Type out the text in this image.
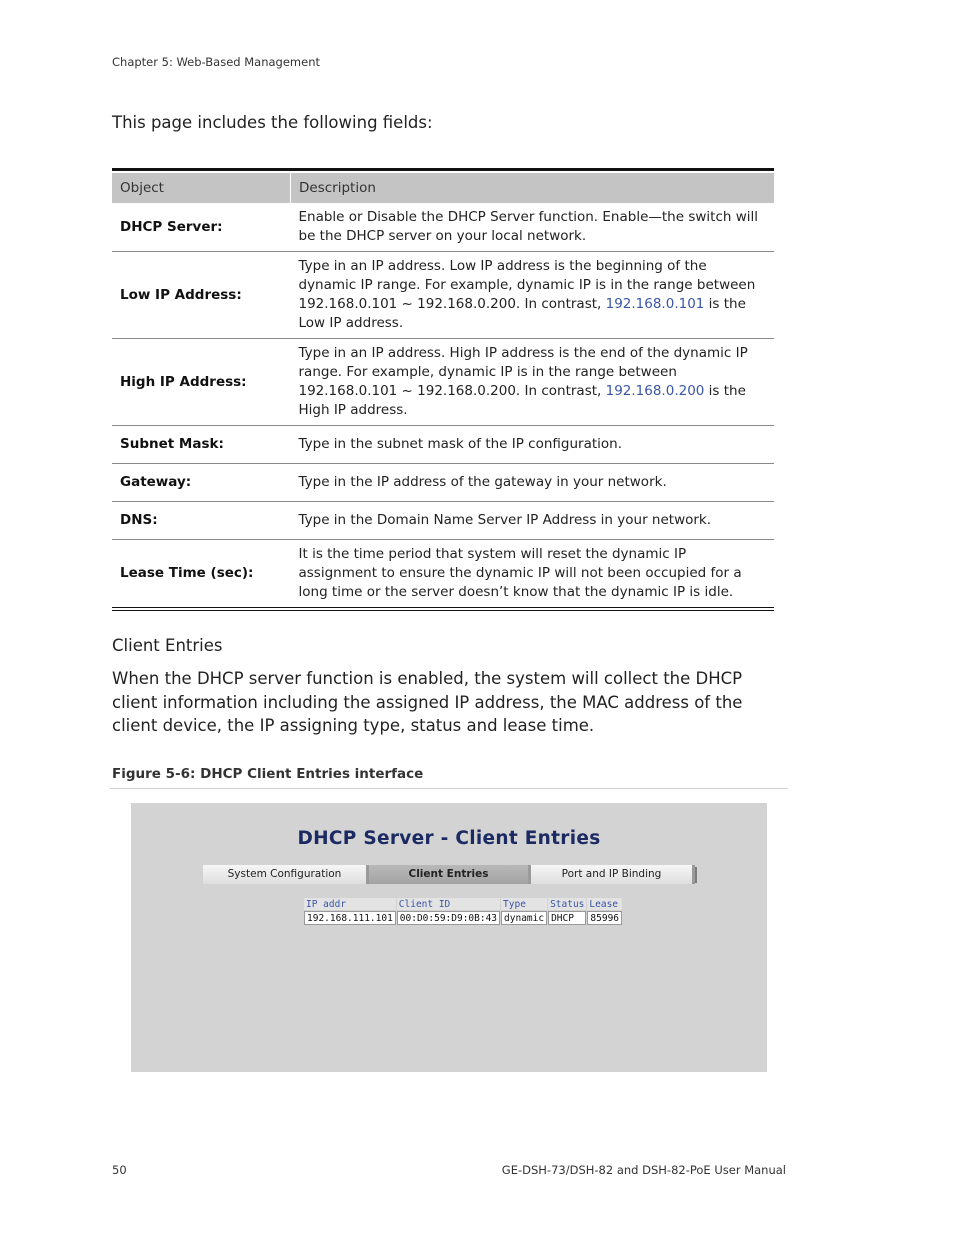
Chapter 5: Web-Based Management
This page includes the following fields:
Object	Description
DHCP Server:	Enable or Disable the DHCP Server function. Enable—the switch will be the DHCP server on your local network.
Low IP Address:	Type in an IP address. Low IP address is the beginning of the dynamic IP range. For example, dynamic IP is in the range between 192.168.0.101 ~ 192.168.0.200. In contrast, 192.168.0.101 is the Low IP address.
High IP Address:	Type in an IP address. High IP address is the end of the dynamic IP range. For example, dynamic IP is in the range between 192.168.0.101 ~ 192.168.0.200. In contrast, 192.168.0.200 is the High IP address.
Subnet Mask:	Type in the subnet mask of the IP configuration.
Gateway:	Type in the IP address of the gateway in your network.
DNS:	Type in the Domain Name Server IP Address in your network.
Lease Time (sec):	It is the time period that system will reset the dynamic IP assignment to ensure the dynamic IP will not been occupied for a long time or the server doesn’t know that the dynamic IP is idle.
Client Entries
When the DHCP server function is enabled, the system will collect the DHCP client information including the assigned IP address, the MAC address of the client device, the IP assigning type, status and lease time.
Figure 5-6: DHCP Client Entries interface
DHCP Server - Client Entries
System Configuration	Client Entries	Port and IP Binding
IP addr	Client ID	Type	Status	Lease
192.168.111.101	00:D0:59:D9:0B:43	dynamic	DHCP	85996
50	GE-DSH-73/DSH-82 and DSH-82-PoE User Manual
